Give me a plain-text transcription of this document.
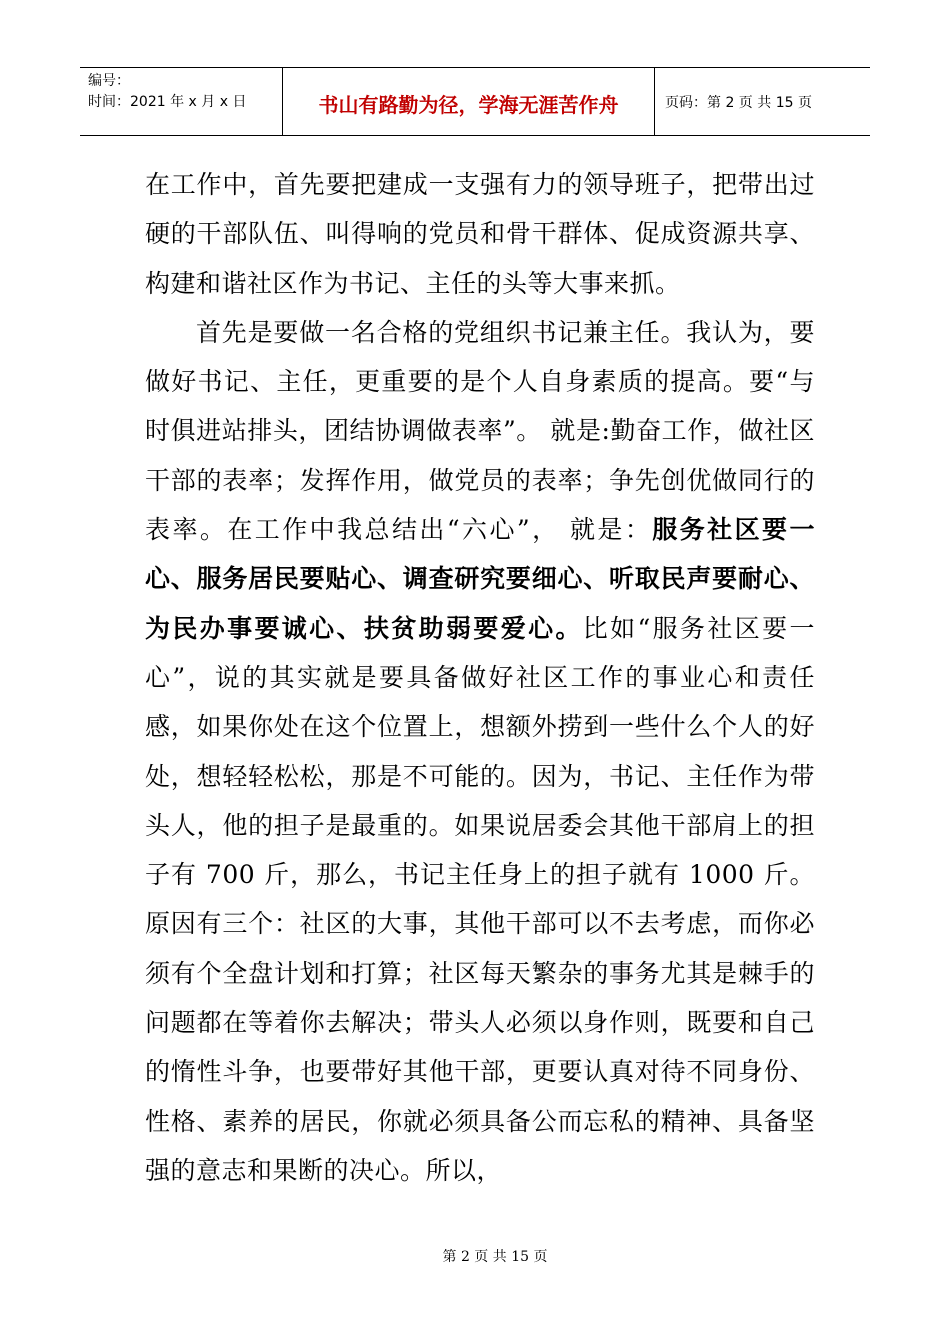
编号：
时间：2021 年 x 月 x 日	书山有路勤为径，学海无涯苦作舟	页码：第 2 页 共 15 页

在工作中，首先要把建成一支强有力的领导班子，把带出过硬的干部队伍、叫得响的党员和骨干群体、促成资源共享、构建和谐社区作为书记、主任的头等大事来抓。

首先是要做一名合格的党组织书记兼主任。我认为，要做好书记、主任，更重要的是个人自身素质的提高。要“与时俱进站排头，团结协调做表率”。 就是:勤奋工作，做社区干部的表率；发挥作用，做党员的表率；争先创优做同行的表率。在工作中我总结出“六心”， 就是：服务社区要一心、服务居民要贴心、调查研究要细心、听取民声要耐心、为民办事要诚心、扶贫助弱要爱心。比如“服务社区要一心”，说的其实就是要具备做好社区工作的事业心和责任感，如果你处在这个位置上，想额外捞到一些什么个人的好处，想轻轻松松，那是不可能的。因为，书记、主任作为带头人，他的担子是最重的。如果说居委会其他干部肩上的担子有 700 斤，那么，书记主任身上的担子就有 1000 斤。原因有三个：社区的大事，其他干部可以不去考虑，而你必须有个全盘计划和打算；社区每天繁杂的事务尤其是棘手的问题都在等着你去解决；带头人必须以身作则，既要和自己的惰性斗争，也要带好其他干部，更要认真对待不同身份、性格、素养的居民，你就必须具备公而忘私的精神、具备坚强的意志和果断的决心。所以，

第 2 页 共 15 页
